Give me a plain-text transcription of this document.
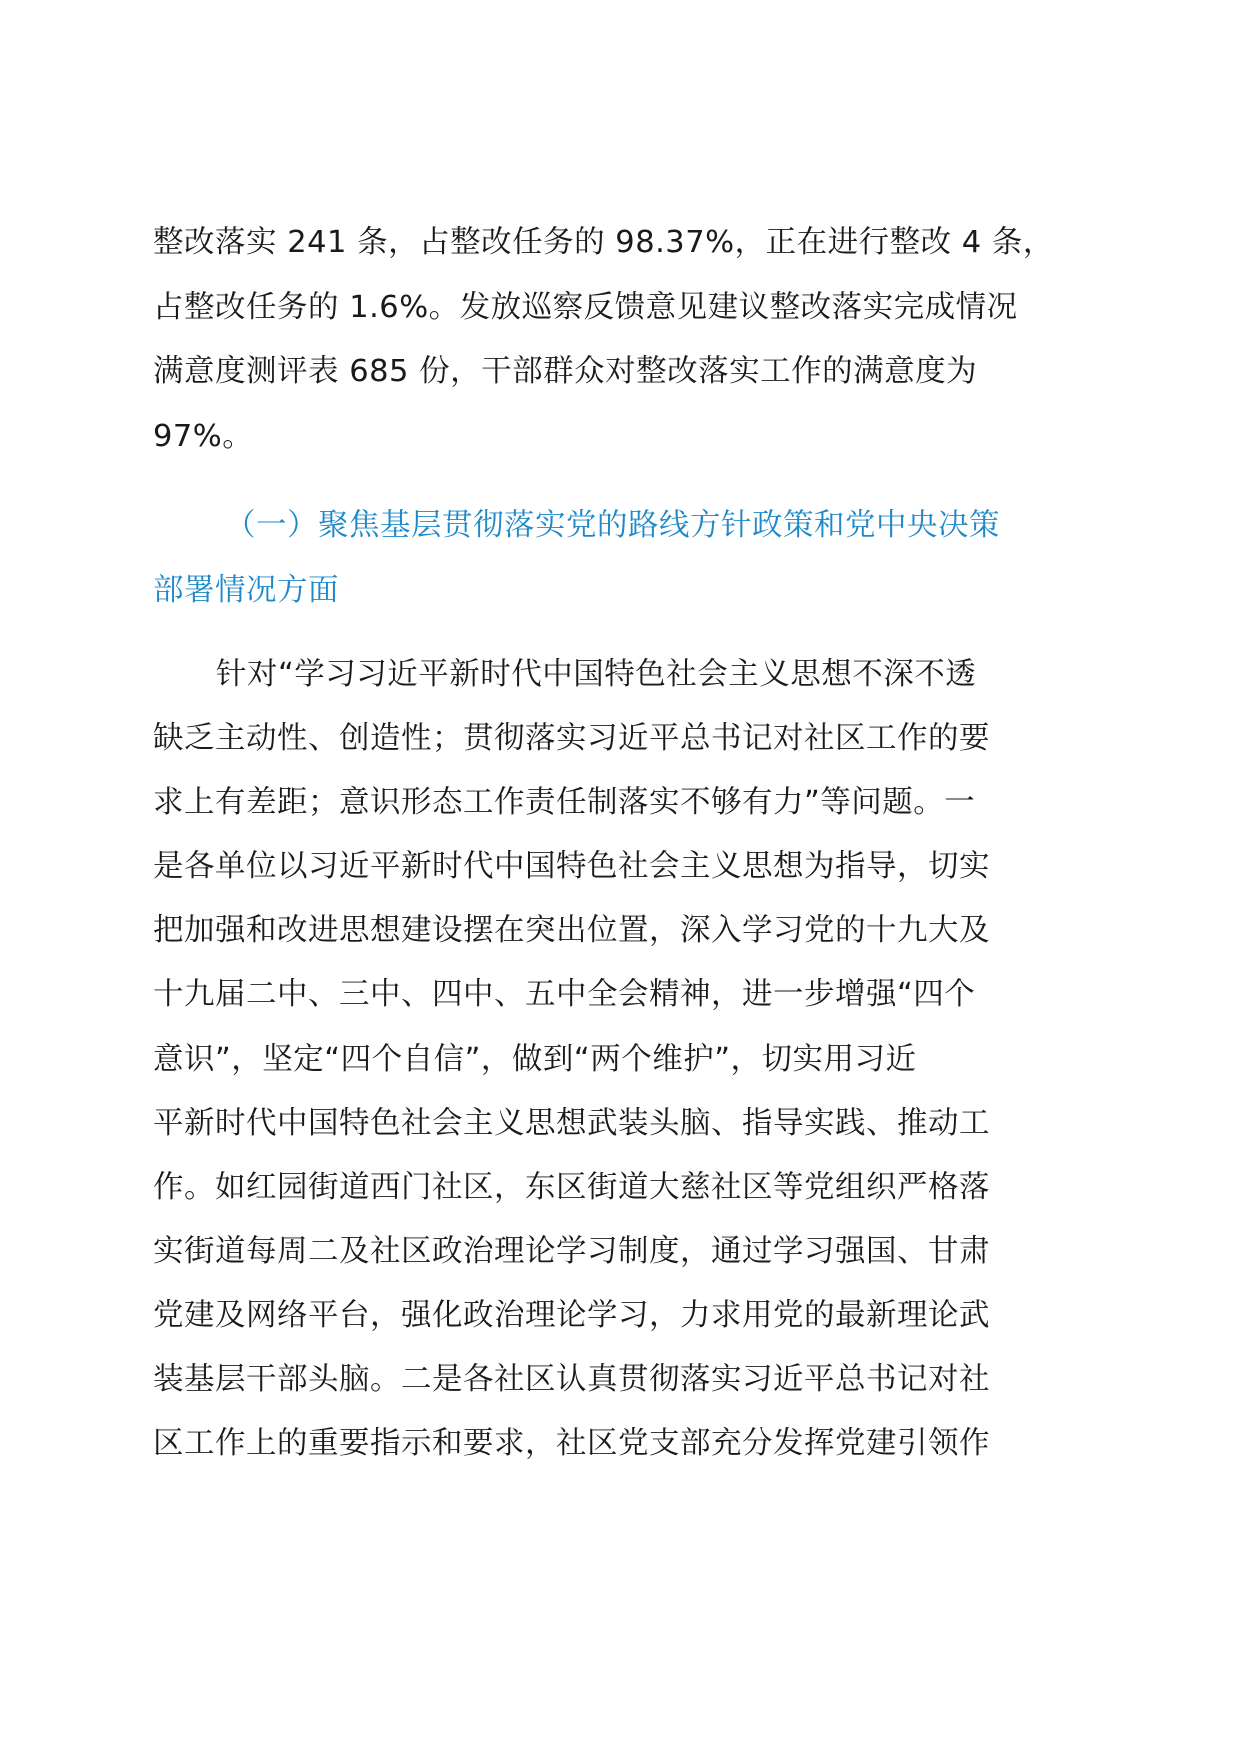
整改落实 241 条，占整改任务的 98.37%，正在进行整改 4 条，
占整改任务的 1.6%。发放巡察反馈意见建议整改落实完成情况
满意度测评表 685 份，干部群众对整改落实工作的满意度为
97%。
（一）聚焦基层贯彻落实党的路线方针政策和党中央决策
部署情况方面
针对“学习习近平新时代中国特色社会主义思想不深不透
缺乏主动性、创造性；贯彻落实习近平总书记对社区工作的要
求上有差距；意识形态工作责任制落实不够有力”等问题。一
是各单位以习近平新时代中国特色社会主义思想为指导，切实
把加强和改进思想建设摆在突出位置，深入学习党的十九大及
十九届二中、三中、四中、五中全会精神，进一步增强“四个
意识”，坚定“四个自信”，做到“两个维护”，切实用习近
平新时代中国特色社会主义思想武装头脑、指导实践、推动工
作。如红园街道西门社区，东区街道大慈社区等党组织严格落
实街道每周二及社区政治理论学习制度，通过学习强国、甘肃
党建及网络平台，强化政治理论学习，力求用党的最新理论武
装基层干部头脑。二是各社区认真贯彻落实习近平总书记对社
区工作上的重要指示和要求，社区党支部充分发挥党建引领作
